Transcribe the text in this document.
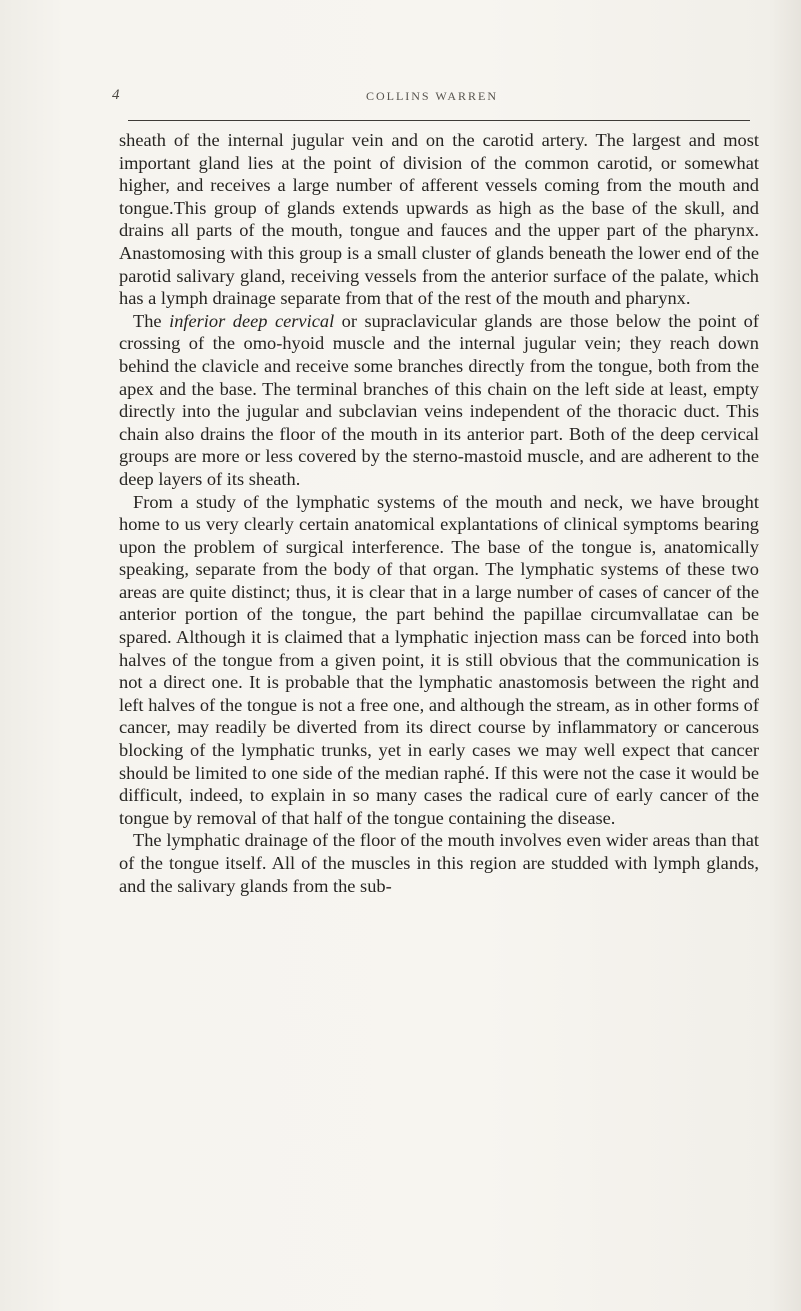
4	COLLINS WARREN

sheath of the internal jugular vein and on the carotid artery. The largest and most important gland lies at the point of division of the common carotid, or somewhat higher, and receives a large number of afferent vessels coming from the mouth and tongue.This group of glands extends upwards as high as the base of the skull, and drains all parts of the mouth, tongue and fauces and the upper part of the pharynx. Anastomosing with this group is a small cluster of glands beneath the lower end of the parotid salivary gland, receiving vessels from the anterior surface of the palate, which has a lymph drainage separate from that of the rest of the mouth and pharynx.

The inferior deep cervical or supraclavicular glands are those below the point of crossing of the omo-hyoid muscle and the internal jugular vein; they reach down behind the clavicle and receive some branches directly from the tongue, both from the apex and the base. The terminal branches of this chain on the left side at least, empty directly into the jugular and subclavian veins independent of the thoracic duct. This chain also drains the floor of the mouth in its anterior part. Both of the deep cervical groups are more or less covered by the sterno-mastoid muscle, and are adherent to the deep layers of its sheath.

From a study of the lymphatic systems of the mouth and neck, we have brought home to us very clearly certain anatomical explantations of clinical symptoms bearing upon the problem of surgical interference. The base of the tongue is, anatomically speaking, separate from the body of that organ. The lymphatic systems of these two areas are quite distinct; thus, it is clear that in a large number of cases of cancer of the anterior portion of the tongue, the part behind the papillae circumvallatae can be spared. Although it is claimed that a lymphatic injection mass can be forced into both halves of the tongue from a given point, it is still obvious that the communication is not a direct one. It is probable that the lymphatic anastomosis between the right and left halves of the tongue is not a free one, and although the stream, as in other forms of cancer, may readily be diverted from its direct course by inflammatory or cancerous blocking of the lymphatic trunks, yet in early cases we may well expect that cancer should be limited to one side of the median raphé. If this were not the case it would be difficult, indeed, to explain in so many cases the radical cure of early cancer of the tongue by removal of that half of the tongue containing the disease.

The lymphatic drainage of the floor of the mouth involves even wider areas than that of the tongue itself. All of the muscles in this region are studded with lymph glands, and the salivary glands from the sub-
